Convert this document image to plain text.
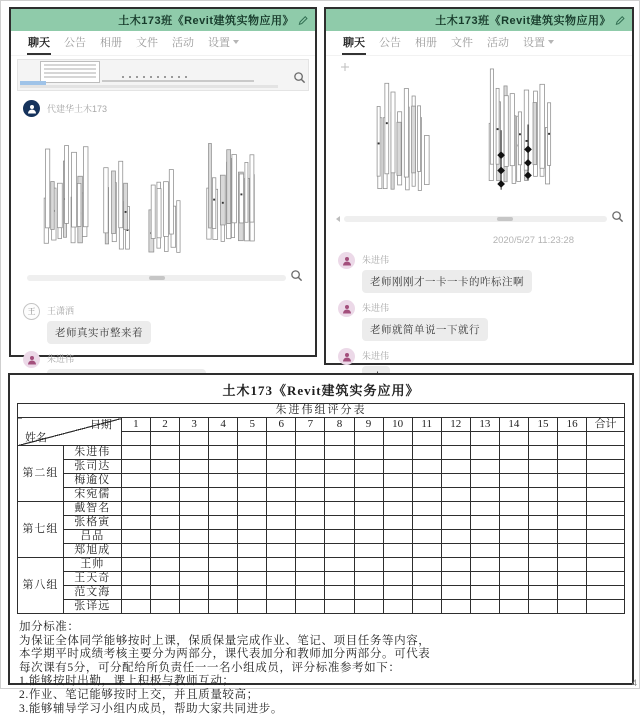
土木173班《Revit建筑实物应用》
聊天	公告	相册	文件	活动	设置
代建华土木173
王	王潇洒
老师真实市整来着
朱进伟
土木173班《Revit建筑实物应用》
聊天	公告	相册	文件	活动	设置
2020/5/27 11:23:28
朱进伟
老师刚刚才一卡一卡的咋标注啊
朱进伟
老师就简单说一下就行
朱进伟
土木173《Revit建筑实务应用》
朱进伟组评分表																		

日期
姓名		1	2	3	4	5	6	7	8	9	10	11	12	13	14	15	16	合计

第二组	朱进伟																	
	张司达																	
	梅逾仪																	
	宋宛儒																	
第七组	戴智名																	
	张格寅																	
	吕品																	
	郑旭成																	
第八组	王帅																	
	王天奇																	
	范文海																	
	张译远																	

加分标准：

为保证全体同学能够按时上课，保质保量完成作业、笔记、项目任务等内容，

本学期平时成绩考核主要分为两部分，课代表加分和教师加分两部分。可代表

每次课有5分，可分配给所负责任一一名小组成员，评分标准参考如下：

1.能够按时出勤，课上积极与教师互动；

2.作业、笔记能够按时上交，并且质量较高；

3.能够辅导学习小组内成员，帮助大家共同进步。

4
